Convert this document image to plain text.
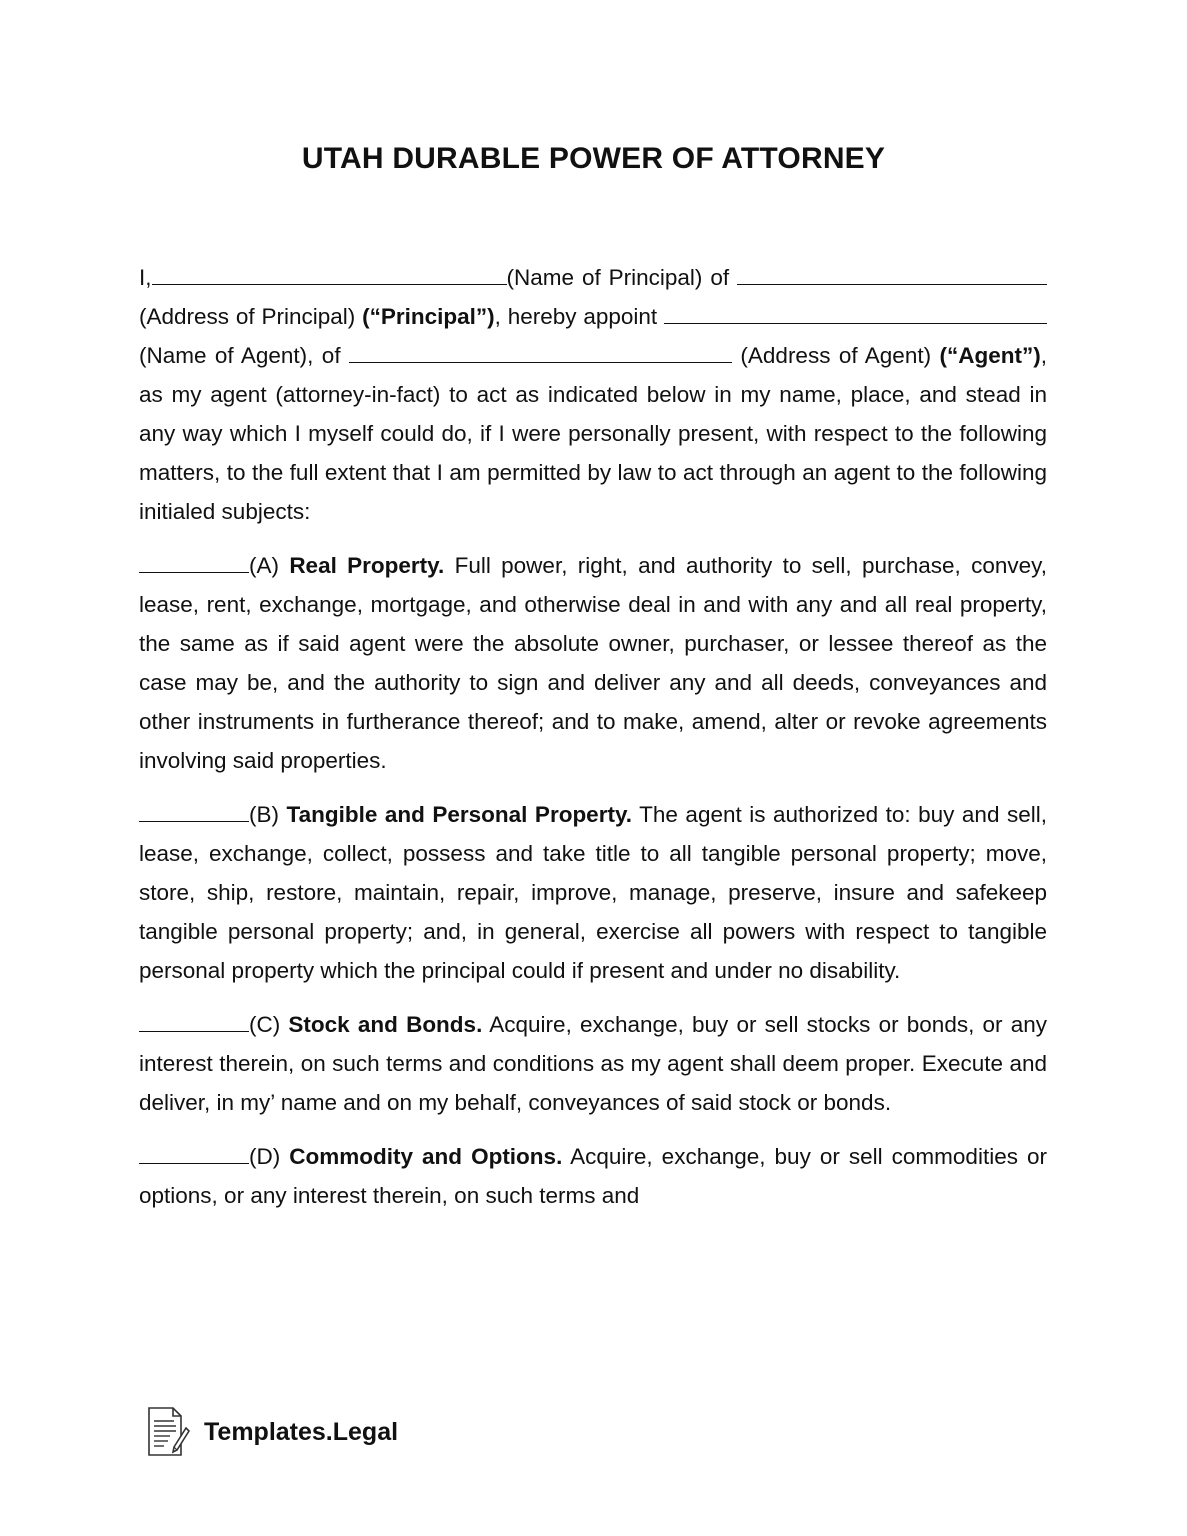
UTAH DURABLE POWER OF ATTORNEY

I,	(Name of Principal) of  (Address of Principal) (“Principal”), hereby appoint  (Name of Agent), of	(Address of Agent) (“Agent”), as my agent (attorney-in-fact) to act as indicated below in my name, place, and stead in any way which I myself could do, if I were personally present, with respect to the following matters, to the full extent that I am permitted by law to act through an agent to the following initialed subjects:

(A) Real Property. Full power, right, and authority to sell, purchase, convey, lease, rent, exchange, mortgage, and otherwise deal in and with any and all real property, the same as if said agent were the absolute owner, purchaser, or lessee thereof as the case may be, and the authority to sign and deliver any and all deeds, conveyances and other instruments in furtherance thereof; and to make, amend, alter or revoke agreements involving said properties.

(B) Tangible and Personal Property. The agent is authorized to: buy and sell, lease, exchange, collect, possess and take title to all tangible personal property; move, store, ship, restore, maintain, repair, improve, manage, preserve, insure and safekeep tangible personal property; and, in general, exercise all powers with respect to tangible personal property which the principal could if present and under no disability.

(C) Stock and Bonds. Acquire, exchange, buy or sell stocks or bonds, or any interest therein, on such terms and conditions as my agent shall deem proper. Execute and deliver, in my’ name and on my behalf, conveyances of said stock or bonds.

(D) Commodity and Options. Acquire, exchange, buy or sell commodities or options, or any interest therein, on such terms and

Templates.Legal
